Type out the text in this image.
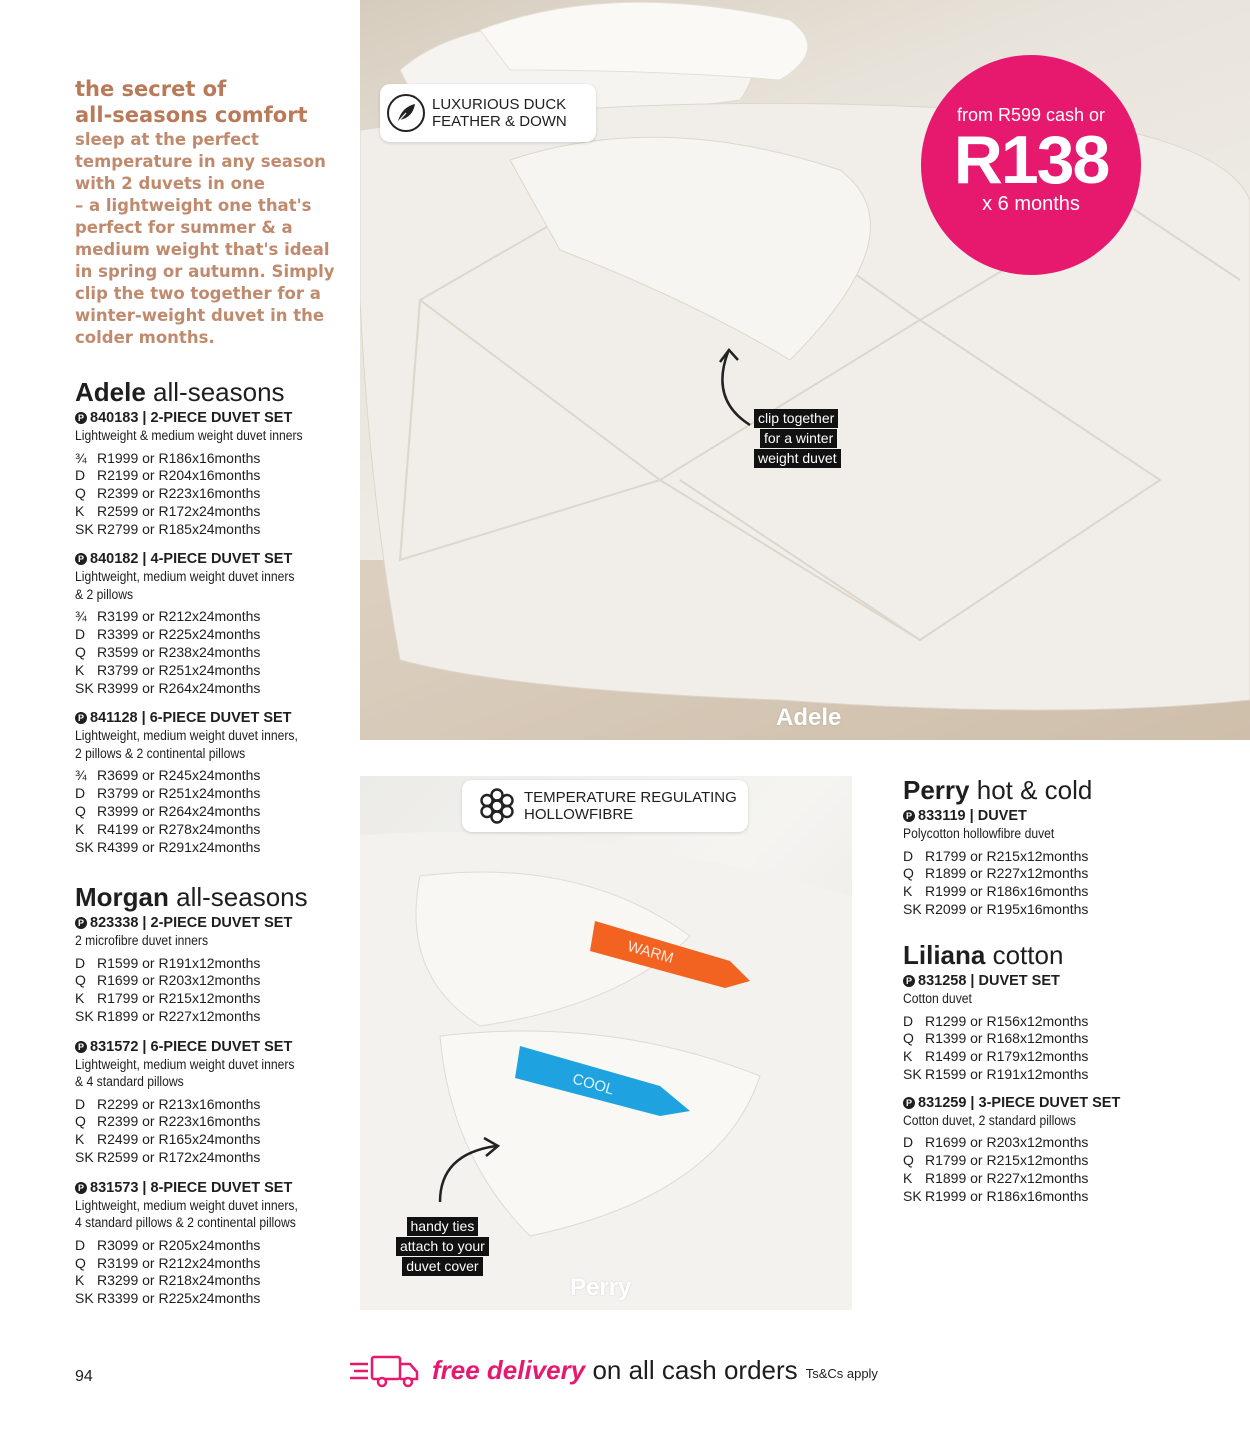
the secret of
all-seasons comfort
sleep at the perfect
temperature in any season
with 2 duvets in one
– a lightweight one that's
perfect for summer & a
medium weight that's ideal
in spring or autumn. Simply
clip the two together for a
winter-weight duvet in the
colder months.
Adele all-seasons
P 840183 | 2-PIECE DUVET SET
Lightweight & medium weight duvet inners
¾ R1999 or R186x16months
D R2199 or R204x16months
Q R2399 or R223x16months
K R2599 or R172x24months
SK R2799 or R185x24months
P 840182 | 4-PIECE DUVET SET
Lightweight, medium weight duvet inners
& 2 pillows
¾ R3199 or R212x24months
D R3399 or R225x24months
Q R3599 or R238x24months
K R3799 or R251x24months
SK R3999 or R264x24months
P 841128 | 6-PIECE DUVET SET
Lightweight, medium weight duvet inners,
2 pillows & 2 continental pillows
¾ R3699 or R245x24months
D R3799 or R251x24months
Q R3999 or R264x24months
K R4199 or R278x24months
SK R4399 or R291x24months
Morgan all-seasons
P 823338 | 2-PIECE DUVET SET
2 microfibre duvet inners
D R1599 or R191x12months
Q R1699 or R203x12months
K R1799 or R215x12months
SK R1899 or R227x12months
P 831572 | 6-PIECE DUVET SET
Lightweight, medium weight duvet inners
& 4 standard pillows
D R2299 or R213x16months
Q R2399 or R223x16months
K R2499 or R165x24months
SK R2599 or R172x24months
P 831573 | 8-PIECE DUVET SET
Lightweight, medium weight duvet inners,
4 standard pillows & 2 continental pillows
D R3099 or R205x24months
Q R3199 or R212x24months
K R3299 or R218x24months
SK R3399 or R225x24months
Perry hot & cold
P 833119 | DUVET
Polycotton hollowfibre duvet
D R1799 or R215x12months
Q R1899 or R227x12months
K R1999 or R186x16months
SK R2099 or R195x16months
Liliana cotton
P 831258 | DUVET SET
Cotton duvet
D R1299 or R156x12months
Q R1399 or R168x12months
K R1499 or R179x12months
SK R1599 or R191x12months
P 831259 | 3-PIECE DUVET SET
Cotton duvet, 2 standard pillows
D R1699 or R203x12months
Q R1799 or R215x12months
K R1899 or R227x12months
SK R1999 or R186x16months
LUXURIOUS DUCK
FEATHER & DOWN
clip together
for a winter
weight duvet
Adele
from R599 cash or
R138
x 6 months
WARM
COOL
TEMPERATURE REGULATING
HOLLOWFIBRE
handy ties
attach to your
duvet cover
Perry
94	free delivery on all cash orders Ts&Cs apply
